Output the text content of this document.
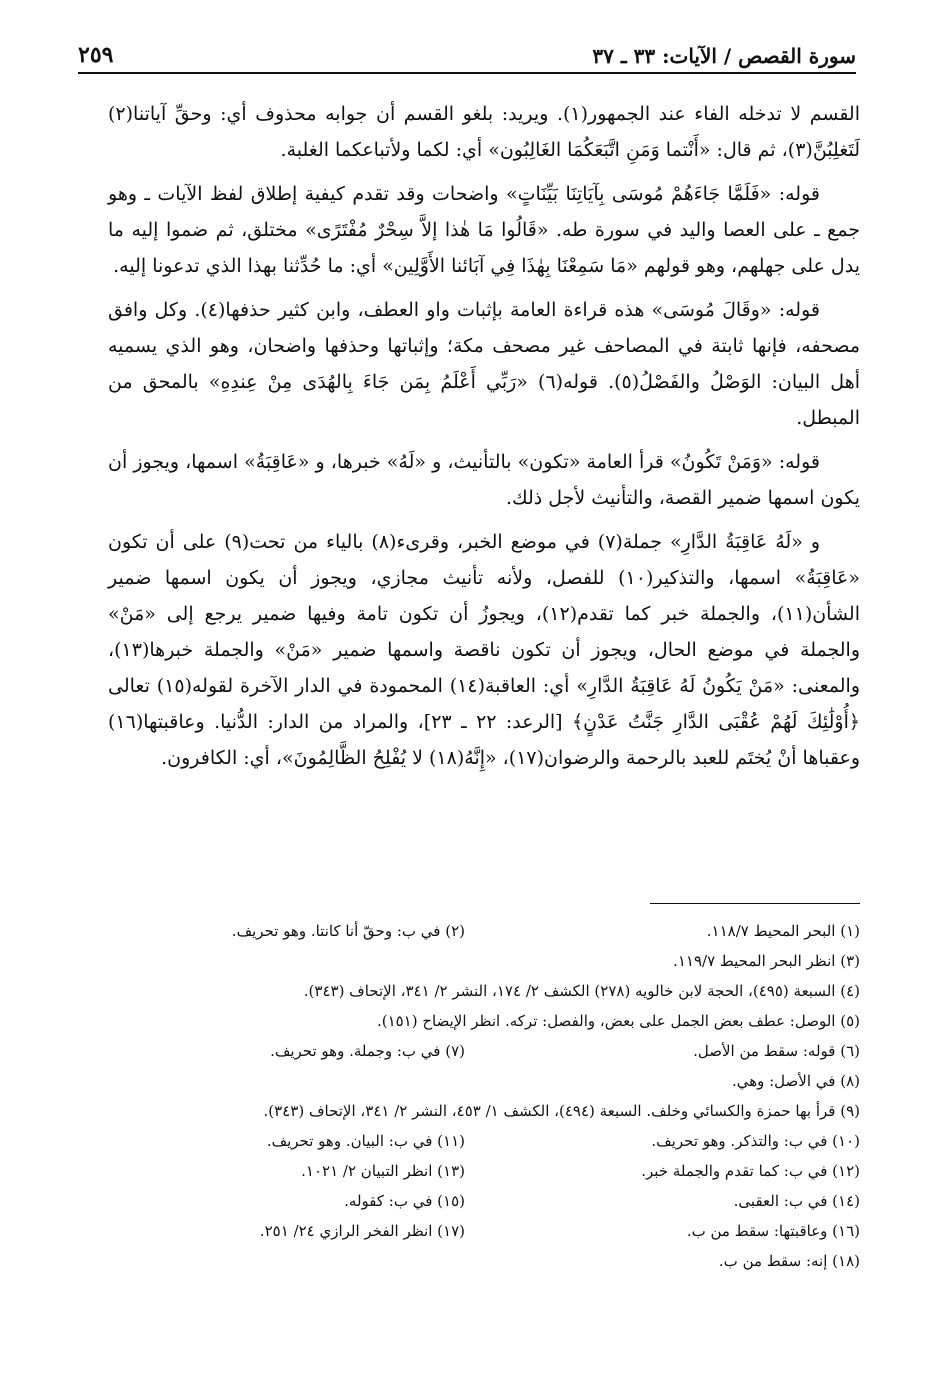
سورة القصص / الآيات: ٣٣ ـ ٣٧
٢٥٩

القسم لا تدخله الفاء عند الجمهور(١). ويريد: بلغو القسم أن جوابه محذوف أي: وحقِّ آياتنا(٢) لَتَغلِبُنَّ(٣)، ثم قال: «أَنْتما وَمَنِ اتَّبَعَكُمَا الغَالِبُون» أي: لكما ولأتباعكما الغلبة.

قوله: «فَلَمَّا جَاءَهُمْ مُوسَى بِآيَاتِنَا بَيِّنَاتٍ» واضحات وقد تقدم كيفية إطلاق لفظ الآيات ـ وهو جمع ـ على العصا واليد في سورة طه. «قَالُوا مَا هٰذا إلاَّ سِحْرٌ مُفْتَرًى» مختلق، ثم ضموا إليه ما يدل على جهلهم، وهو قولهم «مَا سَمِعْنَا بِهٰذَا فِي آبَائنا الأَوَّلِين» أي: ما حُدِّثنا بهذا الذي تدعونا إليه.

قوله: «وقَالَ مُوسَى» هذه قراءة العامة بإثبات واو العطف، وابن كثير حذفها(٤). وكل وافق مصحفه، فإنها ثابتة في المصاحف غير مصحف مكة؛ وإثباتها وحذفها واضحان، وهو الذي يسميه أهل البيان: الوَصْلُ والفَصْلُ(٥). قوله(٦) «رَبِّي أَعْلَمُ بِمَن جَاءَ بِالهُدَى مِنْ عِندِهِ» بالمحق من المبطل.

قوله: «وَمَنْ تَكُونُ» قرأ العامة «تكون» بالتأنيث، و «لَهُ» خبرها، و «عَاقِبَةُ» اسمها، ويجوز أن يكون اسمها ضمير القصة، والتأنيث لأجل ذلك.

و «لَهُ عَاقِبَةُ الدَّارِ» جملة(٧) في موضع الخبر، وقرىء(٨) بالياء من تحت(٩) على أن تكون «عَاقِبَةُ» اسمها، والتذكير(١٠) للفصل، ولأنه تأنيث مجازي، ويجوز أن يكون اسمها ضمير الشأن(١١)، والجملة خبر كما تقدم(١٢)، ويجوزُ أن تكون تامة وفيها ضمير يرجع إلى «مَنْ» والجملة في موضع الحال، ويجوز أن تكون ناقصة واسمها ضمير «مَنْ» والجملة خبرها(١٣)، والمعنى: «مَنْ يَكُونُ لَهُ عَاقِبَةُ الدَّارِ» أي: العاقبة(١٤) المحمودة في الدار الآخرة لقوله(١٥) تعالى ﴿أُوْلَٰئِكَ لَهُمْ عُقْبَى الدَّارِ جَنَّتُ عَدْنٍ﴾ [الرعد: ٢٢ ـ ٢٣]، والمراد من الدار: الدُّنيا. وعاقبتها(١٦) وعقباها أنْ يُختَم للعبد بالرحمة والرضوان(١٧)، «إِنَّهُ(١٨) لا يُفْلِحُ الظَّالِمُونَ»، أي: الكافرون.

(١) البحر المحيط ١١٨/٧.
(٢) في ب: وحقّ أنا كانتا. وهو تحريف.
(٣) انظر البحر المحيط ١١٩/٧.
(٤) السبعة (٤٩٥)، الحجة لابن خالويه (٢٧٨) الكشف ٢/ ١٧٤، النشر ٢/ ٣٤١، الإتحاف (٣٤٣).
(٥) الوصل: عطف بعض الجمل على بعض، والفصل: تركه. انظر الإيضاح (١٥١).
(٦) قوله: سقط من الأصل.
(٧) في ب: وجملة. وهو تحريف.
(٨) في الأصل: وهي.
(٩) قرأ بها حمزة والكسائي وخلف. السبعة (٤٩٤)، الكشف ١/ ٤٥٣، النشر ٢/ ٣٤١، الإتحاف (٣٤٣).
(١٠) في ب: والتذكر. وهو تحريف.
(١١) في ب: البيان. وهو تحريف.
(١٢) في ب: كما تقدم والجملة خبر.
(١٣) انظر التبيان ٢/ ١٠٢١.
(١٤) في ب: العقبى.
(١٥) في ب: كقوله.
(١٦) وعاقبتها: سقط من ب.
(١٧) انظر الفخر الرازي ٢٤/ ٢٥١.
(١٨) إنه: سقط من ب.
